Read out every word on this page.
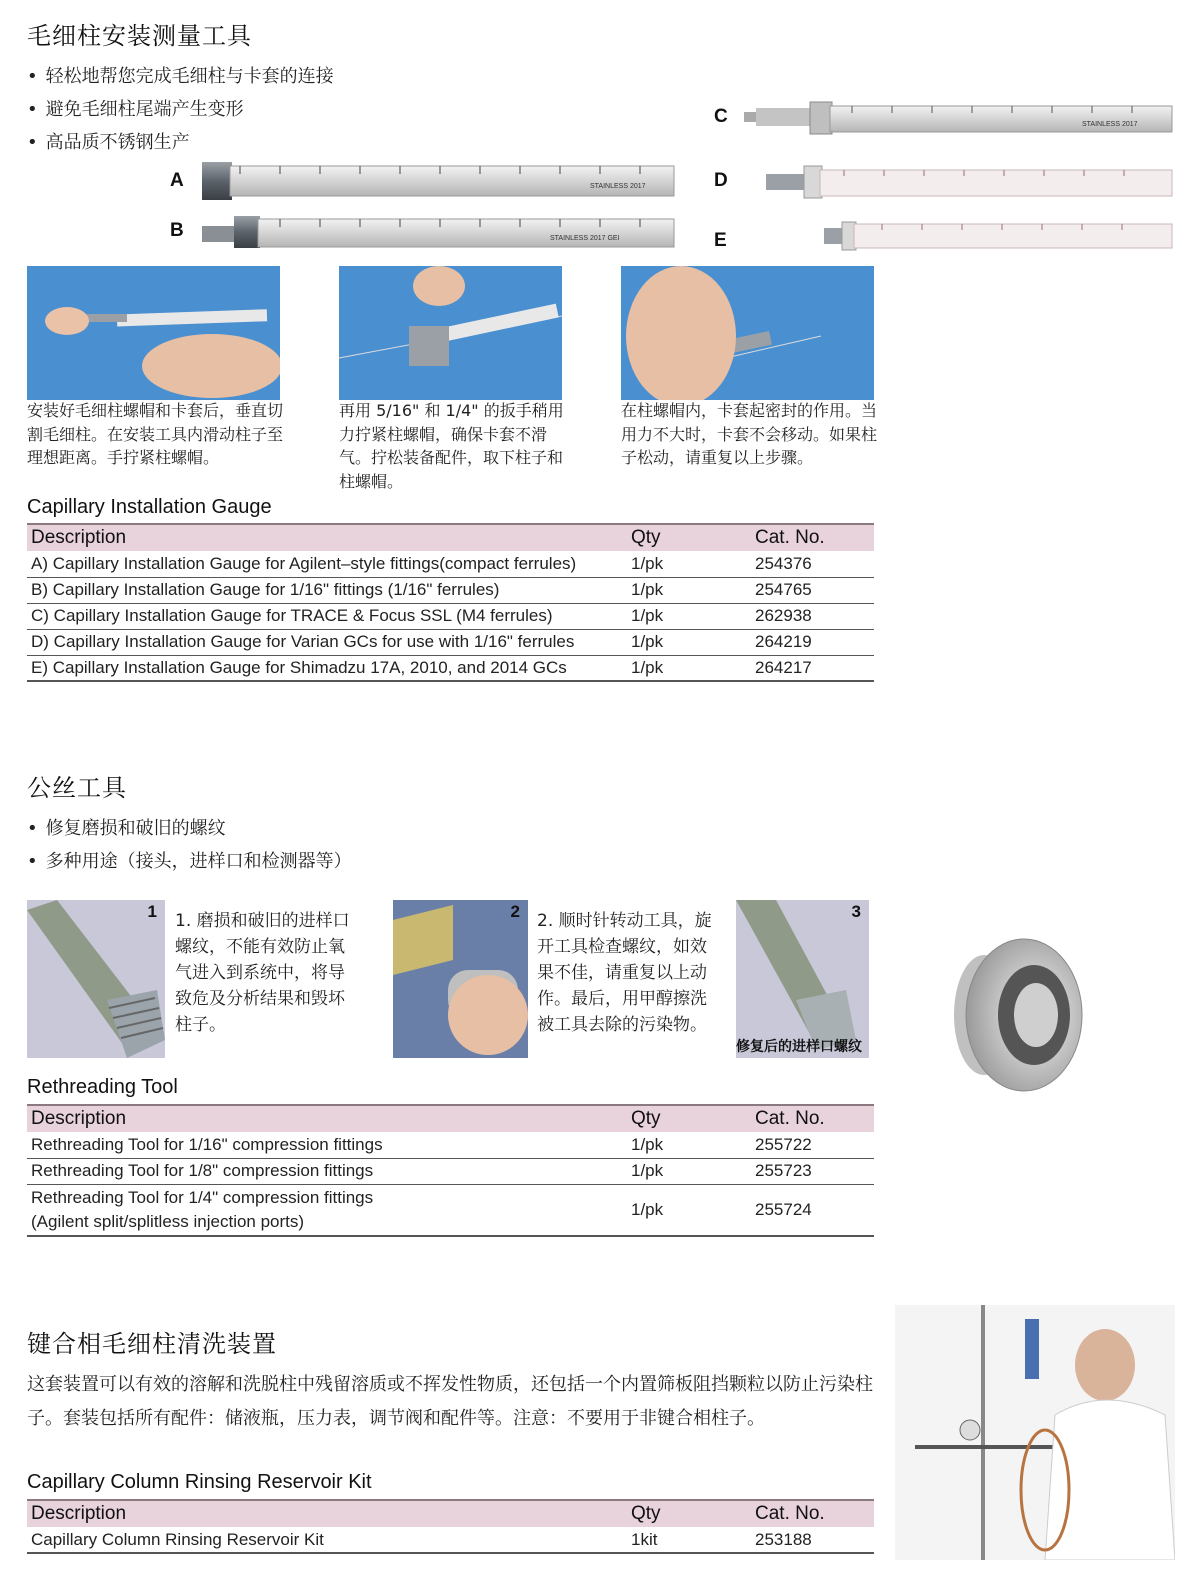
毛细柱安装测量工具
• 轻松地帮您完成毛细柱与卡套的连接
• 避免毛细柱尾端产生变形
• 高品质不锈钢生产
A	STAINLESS 2017
B	STAINLESS 2017 GEI
C	STAINLESS 2017
D
E
安装好毛细柱螺帽和卡套后，垂直切割毛细柱。在安装工具内滑动柱子至理想距离。手拧紧柱螺帽。
再用 5/16" 和 1/4" 的扳手稍用力拧紧柱螺帽，确保卡套不滑气。拧松装备配件，取下柱子和柱螺帽。
在柱螺帽内，卡套起密封的作用。当用力不大时，卡套不会移动。如果柱子松动，请重复以上步骤。
Capillary Installation Gauge
Description	Qty	Cat. No.
A) Capillary Installation Gauge for Agilent–style fittings(compact ferrules)	1/pk	254376
B) Capillary Installation Gauge for 1/16" fittings (1/16" ferrules)	1/pk	254765
C) Capillary Installation Gauge for TRACE & Focus SSL (M4 ferrules)	1/pk	262938
D) Capillary Installation Gauge for Varian GCs for use with 1/16" ferrules	1/pk	264219
E) Capillary Installation Gauge for Shimadzu 17A, 2010, and 2014 GCs	1/pk	264217
公丝工具
• 修复磨损和破旧的螺纹
• 多种用途（接头，进样口和检测器等）
1 1. 磨损和破旧的进样口螺纹，不能有效防止氧气进入到系统中，将导致危及分析结果和毁坏柱子。
2 2. 顺时针转动工具，旋开工具检查螺纹，如效果不佳，请重复以上动作。最后，用甲醇擦洗被工具去除的污染物。
3
修复后的进样口螺纹
Rethreading Tool
Description	Qty	Cat. No.
Rethreading Tool for 1/16" compression fittings	1/pk	255722
Rethreading Tool for 1/8" compression fittings	1/pk	255723
Rethreading Tool for 1/4" compression fittings
(Agilent split/splitless injection ports)	1/pk	255724
键合相毛细柱清洗装置
这套装置可以有效的溶解和洗脱柱中残留溶质或不挥发性物质，还包括一个内置筛板阻挡颗粒以防止污染柱子。套装包括所有配件：储液瓶，压力表，调节阀和配件等。注意：不要用于非键合相柱子。
Capillary Column Rinsing Reservoir Kit
Description	Qty	Cat. No.
Capillary Column Rinsing Reservoir Kit	1kit	253188
